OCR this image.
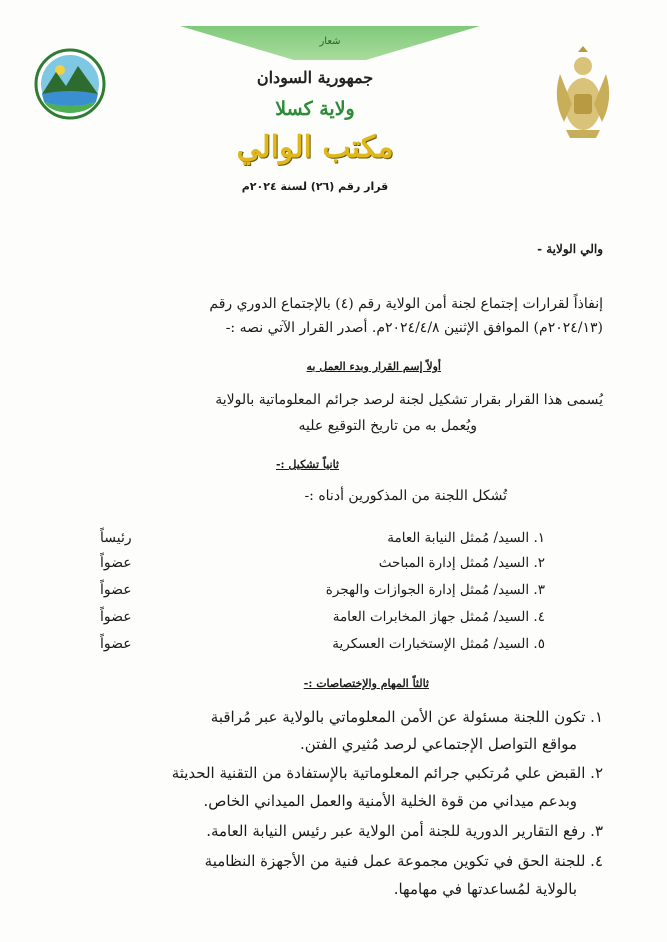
شعار
جمهورية السودان
ولاية كسلا
مكتب الوالي
قرار رقم (٢٦) لسنة ٢٠٢٤م
والي الولاية -
إنفاذاً لقرارات إجتماع لجنة أمن الولاية رقم (٤) بالإجتماع الدوري رقم
(٢٠٢٤/١٣م) الموافق الإثنين ٢٠٢٤/٤/٨م. أصدر القرار الآتي نصه :-
أولاً إسم القرار وبدء العمل به
يُسمى هذا القرار بقرار تشكيل لجنة لرصد جرائم المعلوماتية بالولاية
ويُعمل به من تاريخ التوقيع عليه
ثانياً تشكيل :-
تُشكل اللجنة من المذكورين أدناه :-
١. السيد/ مُمثل النيابة العامة
رئيساً
٢. السيد/ مُمثل إدارة المباحث
عضواً
٣. السيد/ مُمثل إدارة الجوازات والهجرة
عضواً
٤. السيد/ مُمثل جهاز المخابرات العامة
عضواً
٥. السيد/ مُمثل الإستخبارات العسكرية
عضواً
ثالثاً المهام والإختصاصات :-
١. تكون اللجنة مسئولة عن الأمن المعلوماتي بالولاية عبر مُراقبة
مواقع التواصل الإجتماعي لرصد مُثيري الفتن.
٢. القبض علي مُرتكبي جرائم المعلوماتية بالإستفادة من التقنية الحديثة
وبدعم ميداني من قوة الخلية الأمنية والعمل الميداني الخاص.
٣. رفع التقارير الدورية للجنة أمن الولاية عبر رئيس النيابة العامة.
٤. للجنة الحق في تكوين مجموعة عمل فنية من الأجهزة النظامية
بالولاية لمُساعدتها في مهامها.
